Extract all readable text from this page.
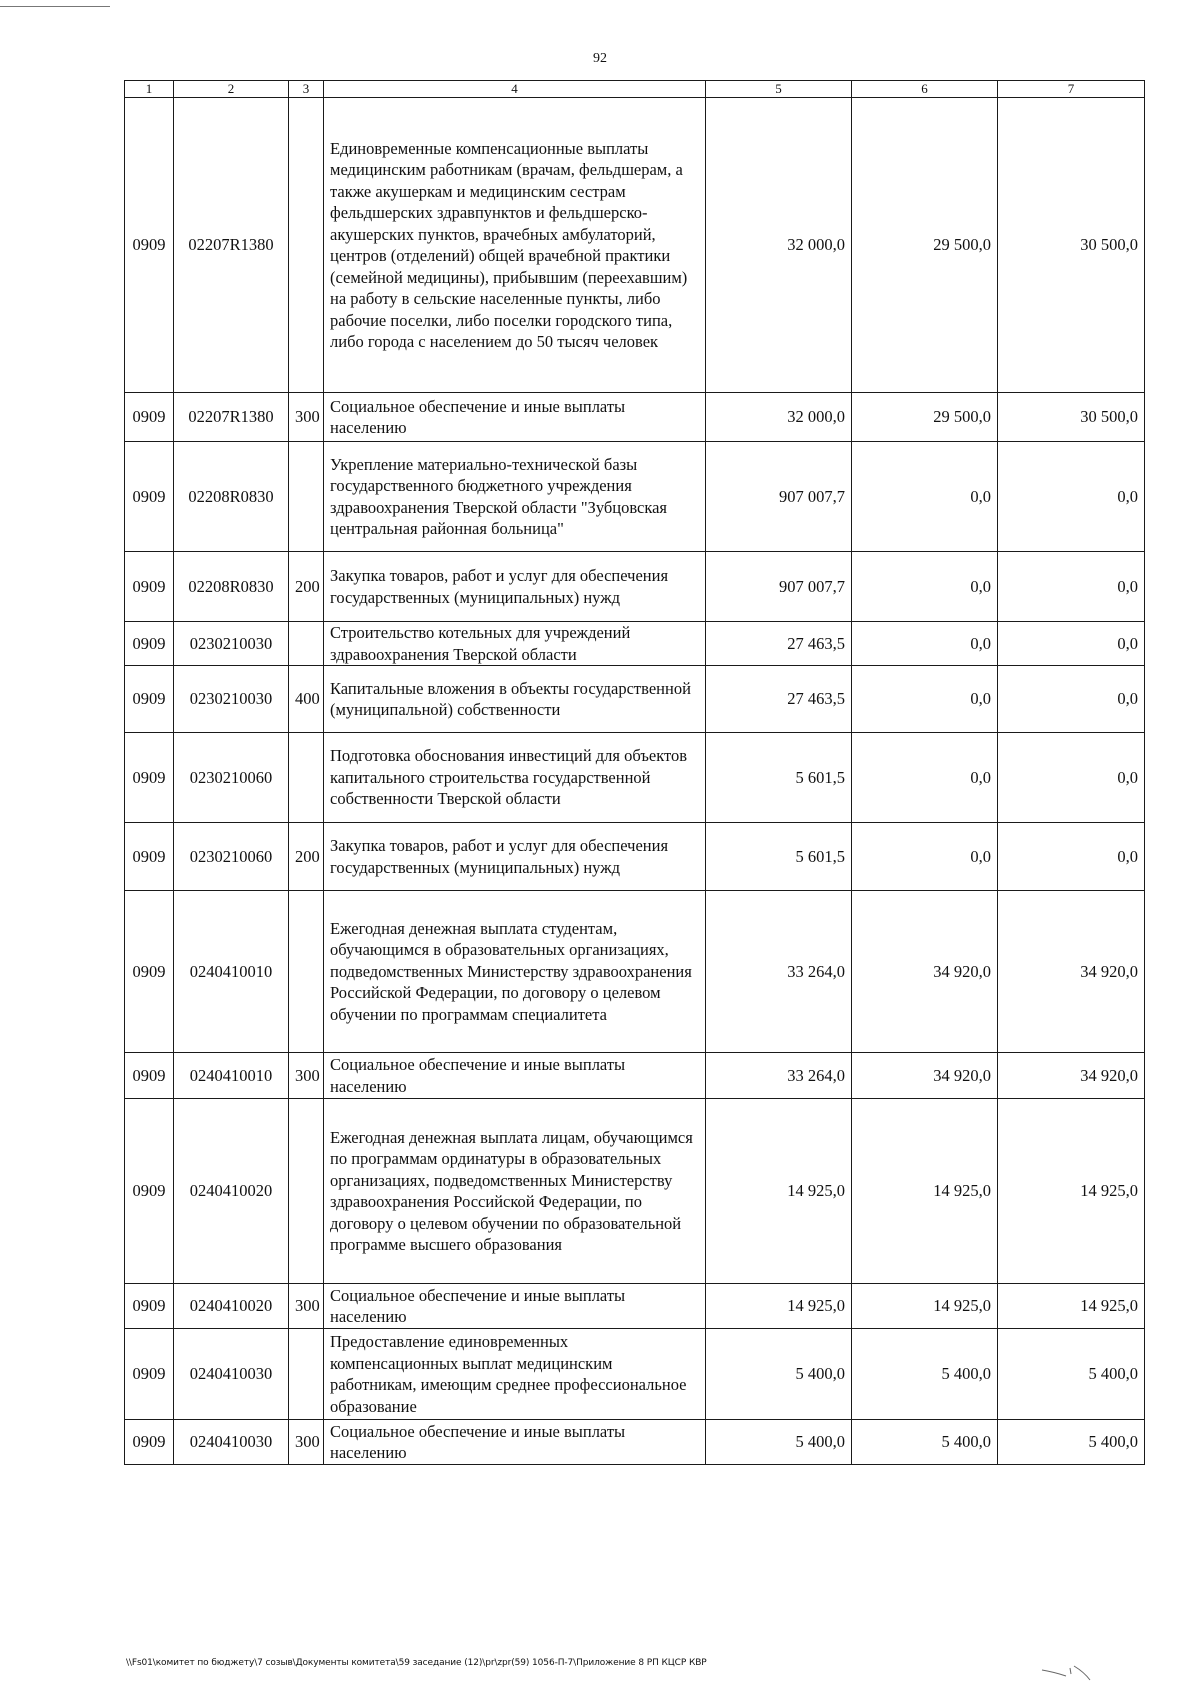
92
1	2	3	4	5	6	7
0909	02207R1380		Единовременные компенсационные выплаты медицинским работникам (врачам, фельдшерам, а также акушеркам и медицинским сестрам фельдшерских здравпунктов и фельдшерско-акушерских пунктов, врачебных амбулаторий, центров (отделений) общей врачебной практики (семейной медицины), прибывшим (переехавшим) на работу в сельские населенные пункты, либо рабочие поселки, либо поселки городского типа, либо города с населением до 50 тысяч человек	32 000,0	29 500,0	30 500,0
0909	02207R1380	300	Социальное обеспечение и иные выплаты населению	32 000,0	29 500,0	30 500,0
0909	02208R0830		Укрепление материально-технической базы государственного бюджетного учреждения здравоохранения Тверской области "Зубцовская центральная районная больница"	907 007,7	0,0	0,0
0909	02208R0830	200	Закупка товаров, работ и услуг для обеспечения государственных (муниципальных) нужд	907 007,7	0,0	0,0
0909	0230210030		Строительство котельных для учреждений здравоохранения Тверской области	27 463,5	0,0	0,0
0909	0230210030	400	Капитальные вложения в объекты государственной (муниципальной) собственности	27 463,5	0,0	0,0
0909	0230210060		Подготовка обоснования инвестиций для объектов капитального строительства государственной собственности Тверской области	5 601,5	0,0	0,0
0909	0230210060	200	Закупка товаров, работ и услуг для обеспечения государственных (муниципальных) нужд	5 601,5	0,0	0,0
0909	0240410010		Ежегодная денежная выплата студентам, обучающимся в образовательных организациях, подведомственных Министерству здравоохранения Российской Федерации, по договору о целевом обучении по программам специалитета	33 264,0	34 920,0	34 920,0
0909	0240410010	300	Социальное обеспечение и иные выплаты населению	33 264,0	34 920,0	34 920,0
0909	0240410020		Ежегодная денежная выплата лицам, обучающимся по программам ординатуры в образовательных организациях, подведомственных Министерству здравоохранения Российской Федерации, по договору о целевом обучении по образовательной программе высшего образования	14 925,0	14 925,0	14 925,0
0909	0240410020	300	Социальное обеспечение и иные выплаты населению	14 925,0	14 925,0	14 925,0
0909	0240410030		Предоставление единовременных компенсационных выплат медицинским работникам, имеющим среднее профессиональное образование	5 400,0	5 400,0	5 400,0
0909	0240410030	300	Социальное обеспечение и иные выплаты населению	5 400,0	5 400,0	5 400,0
\\Fs01\комитет по бюджету\7 созыв\Документы комитета\59 заседание (12)\pr\zpr(59) 1056-П-7\Приложение 8 РП КЦСР КВР
